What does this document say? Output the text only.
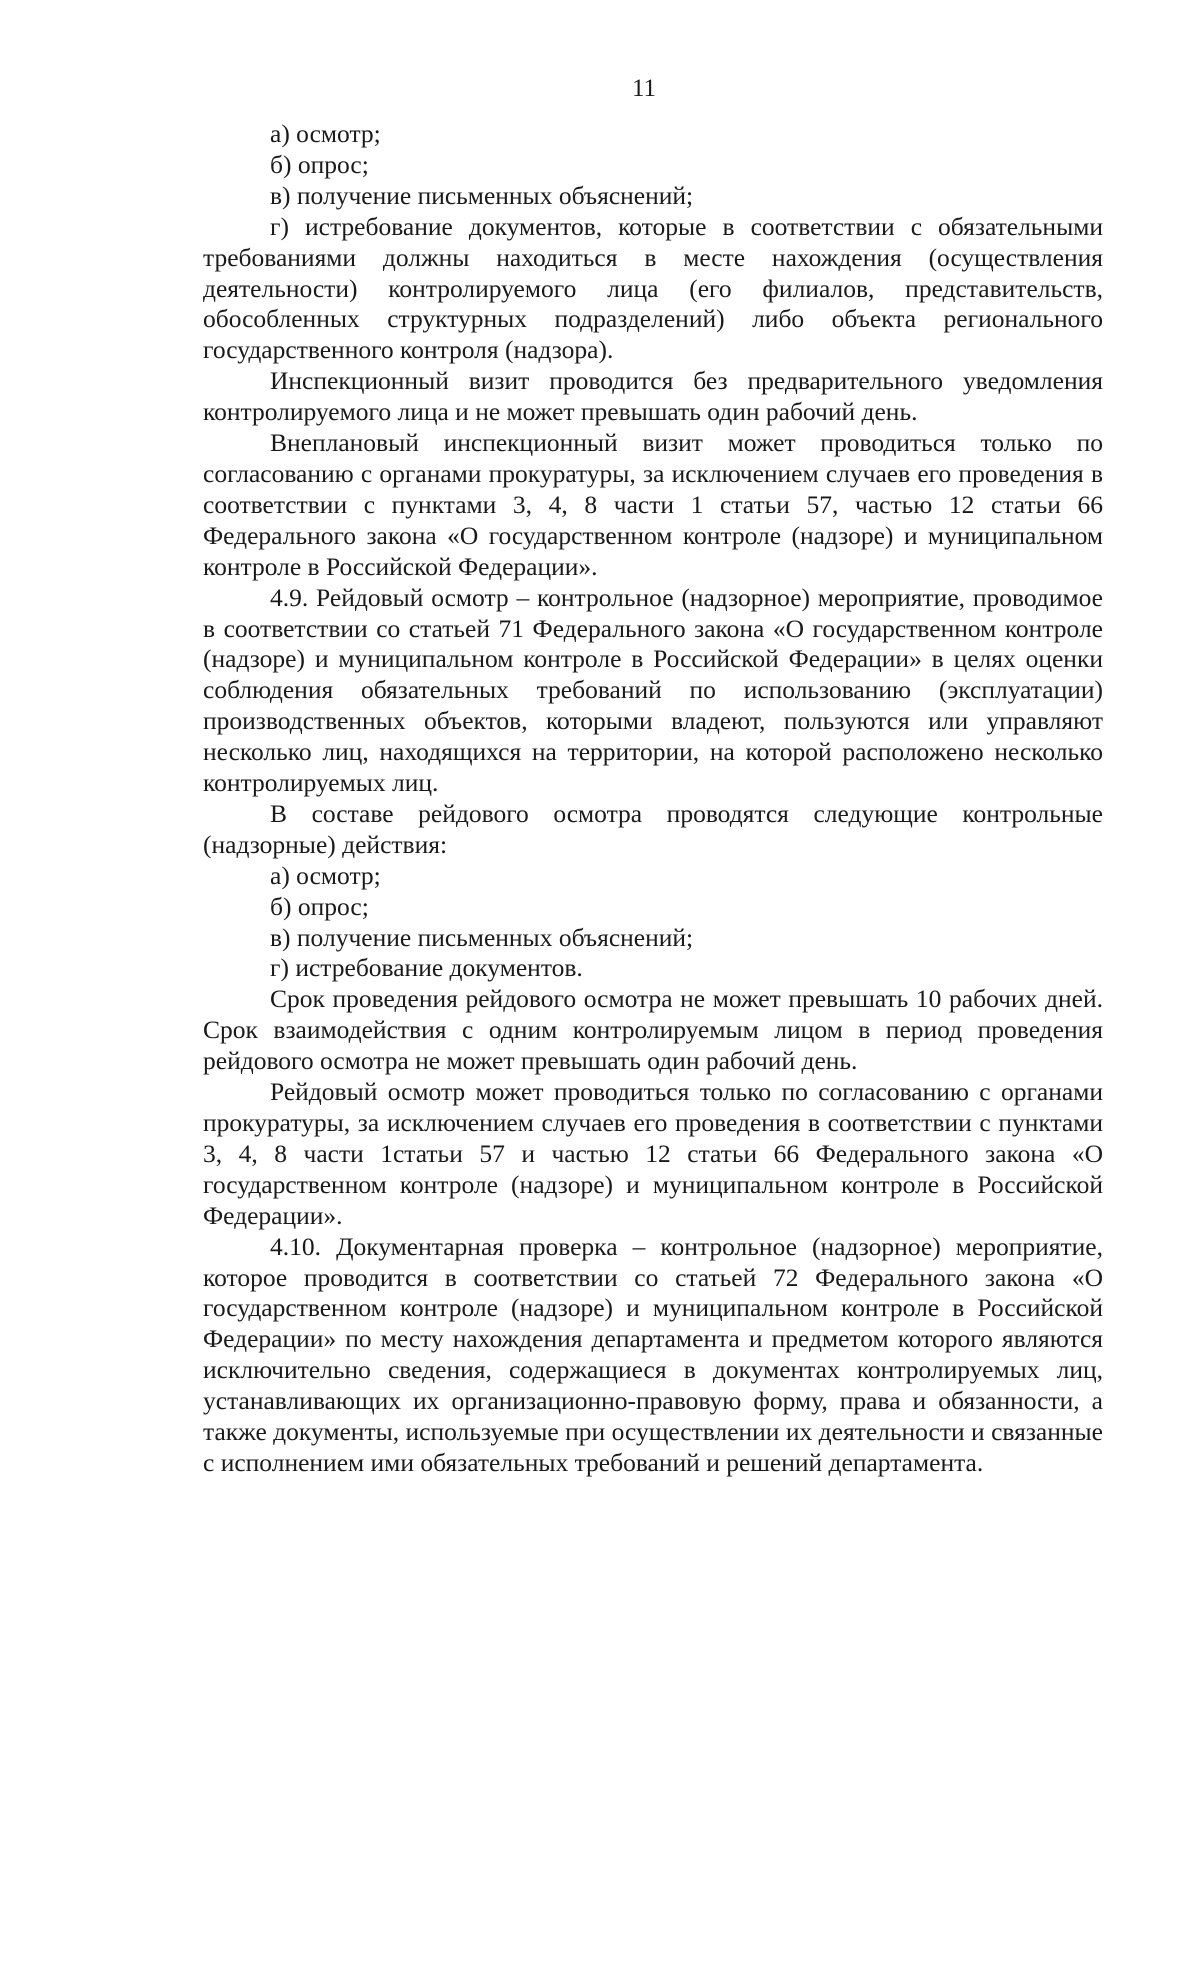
11

а) осмотр;

б) опрос;

в) получение письменных объяснений;

г) истребование документов, которые в соответствии с обязательными требованиями должны находиться в месте нахождения (осуществления деятельности) контролируемого лица (его филиалов, представительств, обособленных структурных подразделений) либо объекта регионального государственного контроля (надзора).

Инспекционный визит проводится без предварительного уведомления контролируемого лица и не может превышать один рабочий день.

Внеплановый инспекционный визит может проводиться только по согласованию с органами прокуратуры, за исключением случаев его проведения в соответствии с пунктами 3, 4, 8 части 1 статьи 57, частью 12 статьи 66 Федерального закона «О государственном контроле (надзоре) и муниципальном контроле в Российской Федерации».

4.9. Рейдовый осмотр – контрольное (надзорное) мероприятие, проводимое в соответствии со статьей 71 Федерального закона «О государственном контроле (надзоре) и муниципальном контроле в Российской Федерации» в целях оценки соблюдения обязательных требований по использованию (эксплуатации) производственных объектов, которыми владеют, пользуются или управляют несколько лиц, находящихся на территории, на которой расположено несколько контролируемых лиц.

В составе рейдового осмотра проводятся следующие контрольные (надзорные) действия:

а) осмотр;

б) опрос;

в) получение письменных объяснений;

г) истребование документов.

Срок проведения рейдового осмотра не может превышать 10 рабочих дней. Срок взаимодействия с одним контролируемым лицом в период проведения рейдового осмотра не может превышать один рабочий день.

Рейдовый осмотр может проводиться только по согласованию с органами прокуратуры, за исключением случаев его проведения в соответствии с пунктами 3, 4, 8 части 1статьи 57 и частью 12 статьи 66 Федерального закона «О государственном контроле (надзоре) и муниципальном контроле в Российской Федерации».

4.10. Документарная проверка – контрольное (надзорное) мероприятие, которое проводится в соответствии со статьей 72 Федерального закона «О государственном контроле (надзоре) и муниципальном контроле в Российской Федерации» по месту нахождения департамента и предметом которого являются исключительно сведения, содержащиеся в документах контролируемых лиц, устанавливающих их организационно-правовую форму, права и обязанности, а также документы, используемые при осуществлении их деятельности и связанные с исполнением ими обязательных требований и решений департамента.
